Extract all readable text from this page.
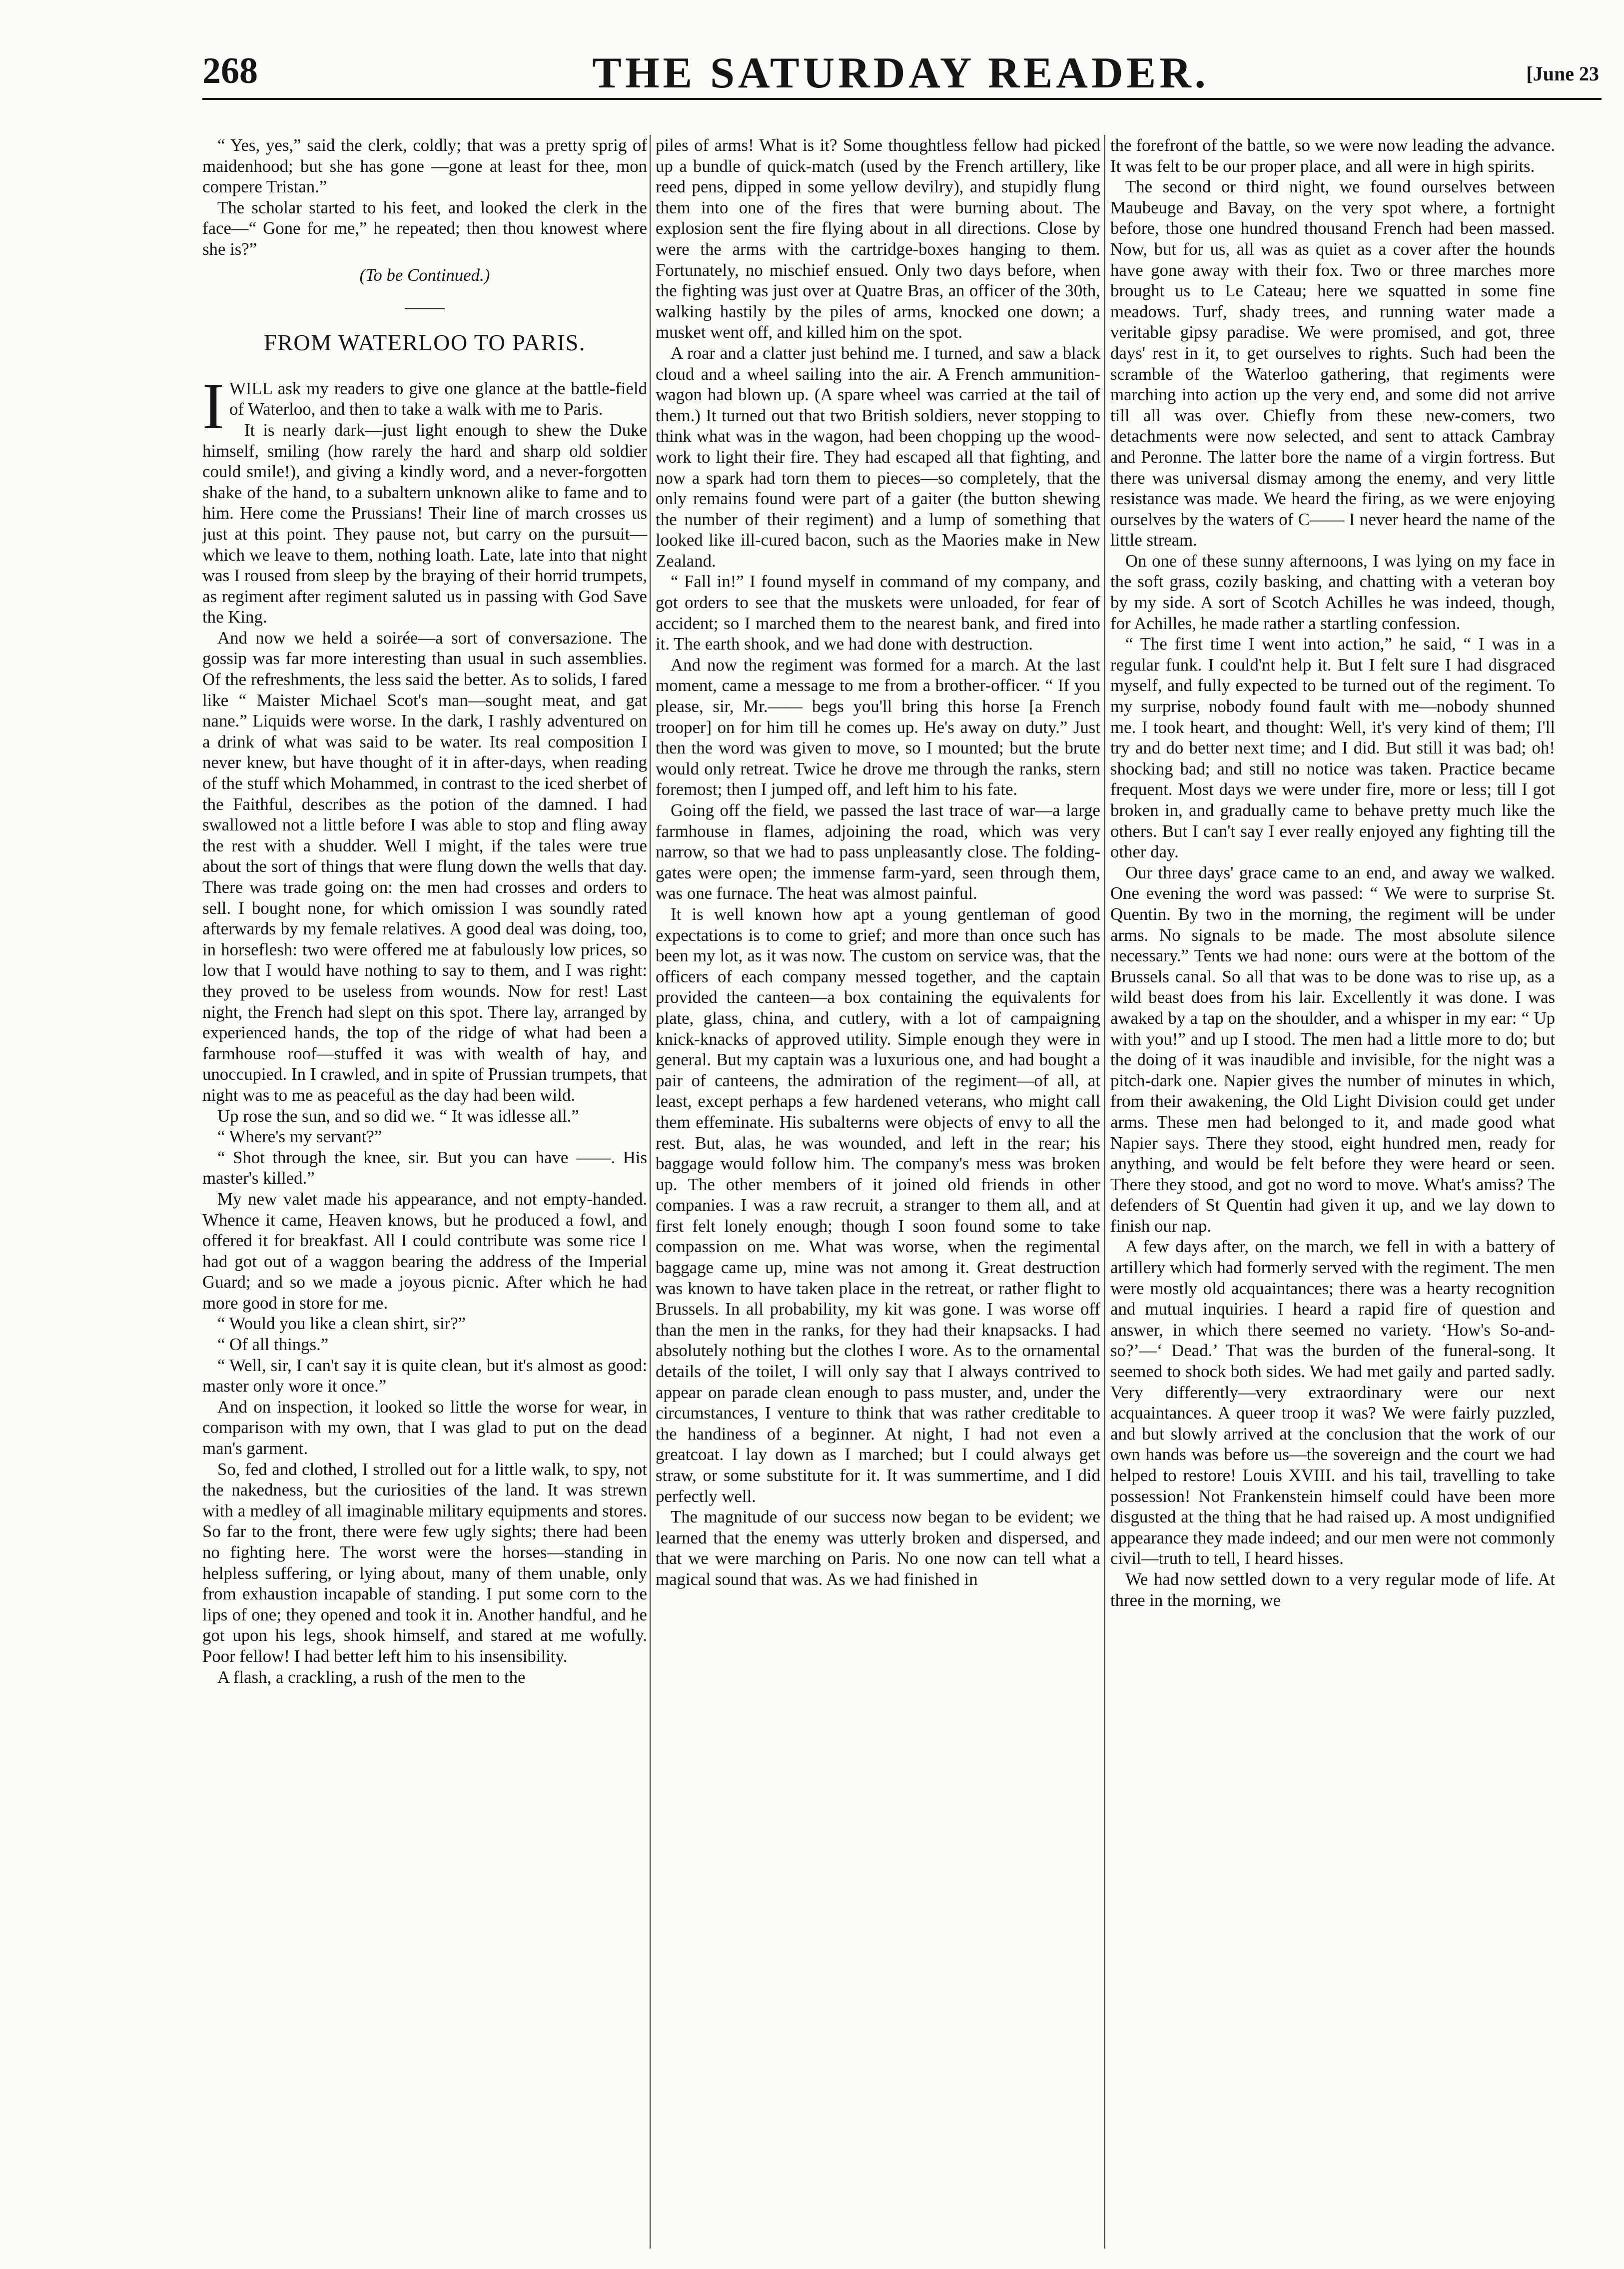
268	THE SATURDAY READER.	[June 23

“ Yes, yes,” said the clerk, coldly; that was a pretty sprig of maidenhood; but she has gone —gone at least for thee, mon compere Tristan.”

The scholar started to his feet, and looked the clerk in the face—“ Gone for me,” he repeated; then thou knowest where she is?”

(To be Continued.)

FROM WATERLOO TO PARIS.

IWILL ask my readers to give one glance at the battle-field of Waterloo, and then to take a walk with me to Paris.

It is nearly dark—just light enough to shew the Duke himself, smiling (how rarely the hard and sharp old soldier could smile!), and giving a kindly word, and a never-forgotten shake of the hand, to a subaltern unknown alike to fame and to him. Here come the Prussians! Their line of march crosses us just at this point. They pause not, but carry on the pursuit—which we leave to them, nothing loath. Late, late into that night was I roused from sleep by the braying of their horrid trumpets, as regiment after regiment saluted us in passing with God Save the King.

And now we held a soirée—a sort of conversazione. The gossip was far more interesting than usual in such assemblies. Of the refreshments, the less said the better. As to solids, I fared like “ Maister Michael Scot's man—sought meat, and gat nane.” Liquids were worse. In the dark, I rashly adventured on a drink of what was said to be water. Its real composition I never knew, but have thought of it in after-days, when reading of the stuff which Mohammed, in contrast to the iced sherbet of the Faithful, describes as the potion of the damned. I had swallowed not a little before I was able to stop and fling away the rest with a shudder. Well I might, if the tales were true about the sort of things that were flung down the wells that day. There was trade going on: the men had crosses and orders to sell. I bought none, for which omission I was soundly rated afterwards by my female relatives. A good deal was doing, too, in horseflesh: two were offered me at fabulously low prices, so low that I would have nothing to say to them, and I was right: they proved to be useless from wounds. Now for rest! Last night, the French had slept on this spot. There lay, arranged by experienced hands, the top of the ridge of what had been a farmhouse roof—stuffed it was with wealth of hay, and unoccupied. In I crawled, and in spite of Prussian trumpets, that night was to me as peaceful as the day had been wild.

Up rose the sun, and so did we. “ It was idlesse all.”

“ Where's my servant?”

“ Shot through the knee, sir. But you can have ——. His master's killed.”

My new valet made his appearance, and not empty-handed. Whence it came, Heaven knows, but he produced a fowl, and offered it for breakfast. All I could contribute was some rice I had got out of a waggon bearing the address of the Imperial Guard; and so we made a joyous picnic. After which he had more good in store for me.

“ Would you like a clean shirt, sir?”

“ Of all things.”

“ Well, sir, I can't say it is quite clean, but it's almost as good: master only wore it once.”

And on inspection, it looked so little the worse for wear, in comparison with my own, that I was glad to put on the dead man's garment.

So, fed and clothed, I strolled out for a little walk, to spy, not the nakedness, but the curiosities of the land. It was strewn with a medley of all imaginable military equipments and stores. So far to the front, there were few ugly sights; there had been no fighting here. The worst were the horses—standing in helpless suffering, or lying about, many of them unable, only from exhaustion incapable of standing. I put some corn to the lips of one; they opened and took it in. Another handful, and he got upon his legs, shook himself, and stared at me wofully. Poor fellow! I had better left him to his insensibility.

A flash, a crackling, a rush of the men to the

piles of arms! What is it? Some thoughtless fellow had picked up a bundle of quick-match (used by the French artillery, like reed pens, dipped in some yellow devilry), and stupidly flung them into one of the fires that were burning about. The explosion sent the fire flying about in all directions. Close by were the arms with the cartridge-boxes hanging to them. Fortunately, no mischief ensued. Only two days before, when the fighting was just over at Quatre Bras, an officer of the 30th, walking hastily by the piles of arms, knocked one down; a musket went off, and killed him on the spot.

A roar and a clatter just behind me. I turned, and saw a black cloud and a wheel sailing into the air. A French ammunition-wagon had blown up. (A spare wheel was carried at the tail of them.) It turned out that two British soldiers, never stopping to think what was in the wagon, had been chopping up the wood-work to light their fire. They had escaped all that fighting, and now a spark had torn them to pieces—so completely, that the only remains found were part of a gaiter (the button shewing the number of their regiment) and a lump of something that looked like ill-cured bacon, such as the Maories make in New Zealand.

“ Fall in!” I found myself in command of my company, and got orders to see that the muskets were unloaded, for fear of accident; so I marched them to the nearest bank, and fired into it. The earth shook, and we had done with destruction.

And now the regiment was formed for a march. At the last moment, came a message to me from a brother-officer. “ If you please, sir, Mr.—— begs you'll bring this horse [a French trooper] on for him till he comes up. He's away on duty.” Just then the word was given to move, so I mounted; but the brute would only retreat. Twice he drove me through the ranks, stern foremost; then I jumped off, and left him to his fate.

Going off the field, we passed the last trace of war—a large farmhouse in flames, adjoining the road, which was very narrow, so that we had to pass unpleasantly close. The folding-gates were open; the immense farm-yard, seen through them, was one furnace. The heat was almost painful.

It is well known how apt a young gentleman of good expectations is to come to grief; and more than once such has been my lot, as it was now. The custom on service was, that the officers of each company messed together, and the captain provided the canteen—a box containing the equivalents for plate, glass, china, and cutlery, with a lot of campaigning knick-knacks of approved utility. Simple enough they were in general. But my captain was a luxurious one, and had bought a pair of canteens, the admiration of the regiment—of all, at least, except perhaps a few hardened veterans, who might call them effeminate. His subalterns were objects of envy to all the rest. But, alas, he was wounded, and left in the rear; his baggage would follow him. The company's mess was broken up. The other members of it joined old friends in other companies. I was a raw recruit, a stranger to them all, and at first felt lonely enough; though I soon found some to take compassion on me. What was worse, when the regimental baggage came up, mine was not among it. Great destruction was known to have taken place in the retreat, or rather flight to Brussels. In all probability, my kit was gone. I was worse off than the men in the ranks, for they had their knapsacks. I had absolutely nothing but the clothes I wore. As to the ornamental details of the toilet, I will only say that I always contrived to appear on parade clean enough to pass muster, and, under the circumstances, I venture to think that was rather creditable to the handiness of a beginner. At night, I had not even a greatcoat. I lay down as I marched; but I could always get straw, or some substitute for it. It was summertime, and I did perfectly well.

The magnitude of our success now began to be evident; we learned that the enemy was utterly broken and dispersed, and that we were marching on Paris. No one now can tell what a magical sound that was. As we had finished in

the forefront of the battle, so we were now leading the advance. It was felt to be our proper place, and all were in high spirits.

The second or third night, we found ourselves between Maubeuge and Bavay, on the very spot where, a fortnight before, those one hundred thousand French had been massed. Now, but for us, all was as quiet as a cover after the hounds have gone away with their fox. Two or three marches more brought us to Le Cateau; here we squatted in some fine meadows. Turf, shady trees, and running water made a veritable gipsy paradise. We were promised, and got, three days' rest in it, to get ourselves to rights. Such had been the scramble of the Waterloo gathering, that regiments were marching into action up the very end, and some did not arrive till all was over. Chiefly from these new-comers, two detachments were now selected, and sent to attack Cambray and Peronne. The latter bore the name of a virgin fortress. But there was universal dismay among the enemy, and very little resistance was made. We heard the firing, as we were enjoying ourselves by the waters of C—— I never heard the name of the little stream.

On one of these sunny afternoons, I was lying on my face in the soft grass, cozily basking, and chatting with a veteran boy by my side. A sort of Scotch Achilles he was indeed, though, for Achilles, he made rather a startling confession.

“ The first time I went into action,” he said, “ I was in a regular funk. I could'nt help it. But I felt sure I had disgraced myself, and fully expected to be turned out of the regiment. To my surprise, nobody found fault with me—nobody shunned me. I took heart, and thought: Well, it's very kind of them; I'll try and do better next time; and I did. But still it was bad; oh! shocking bad; and still no notice was taken. Practice became frequent. Most days we were under fire, more or less; till I got broken in, and gradually came to behave pretty much like the others. But I can't say I ever really enjoyed any fighting till the other day.

Our three days' grace came to an end, and away we walked. One evening the word was passed: “ We were to surprise St. Quentin. By two in the morning, the regiment will be under arms. No signals to be made. The most absolute silence necessary.” Tents we had none: ours were at the bottom of the Brussels canal. So all that was to be done was to rise up, as a wild beast does from his lair. Excellently it was done. I was awaked by a tap on the shoulder, and a whisper in my ear: “ Up with you!” and up I stood. The men had a little more to do; but the doing of it was inaudible and invisible, for the night was a pitch-dark one. Napier gives the number of minutes in which, from their awakening, the Old Light Division could get under arms. These men had belonged to it, and made good what Napier says. There they stood, eight hundred men, ready for anything, and would be felt before they were heard or seen. There they stood, and got no word to move. What's amiss? The defenders of St Quentin had given it up, and we lay down to finish our nap.

A few days after, on the march, we fell in with a battery of artillery which had formerly served with the regiment. The men were mostly old acquaintances; there was a hearty recognition and mutual inquiries. I heard a rapid fire of question and answer, in which there seemed no variety. ‘How's So-and-so?’—‘ Dead.’ That was the burden of the funeral-song. It seemed to shock both sides. We had met gaily and parted sadly. Very differently—very extraordinary were our next acquaintances. A queer troop it was? We were fairly puzzled, and but slowly arrived at the conclusion that the work of our own hands was before us—the sovereign and the court we had helped to restore! Louis XVIII. and his tail, travelling to take possession! Not Frankenstein himself could have been more disgusted at the thing that he had raised up. A most undignified appearance they made indeed; and our men were not commonly civil—truth to tell, I heard hisses.

We had now settled down to a very regular mode of life. At three in the morning, we
